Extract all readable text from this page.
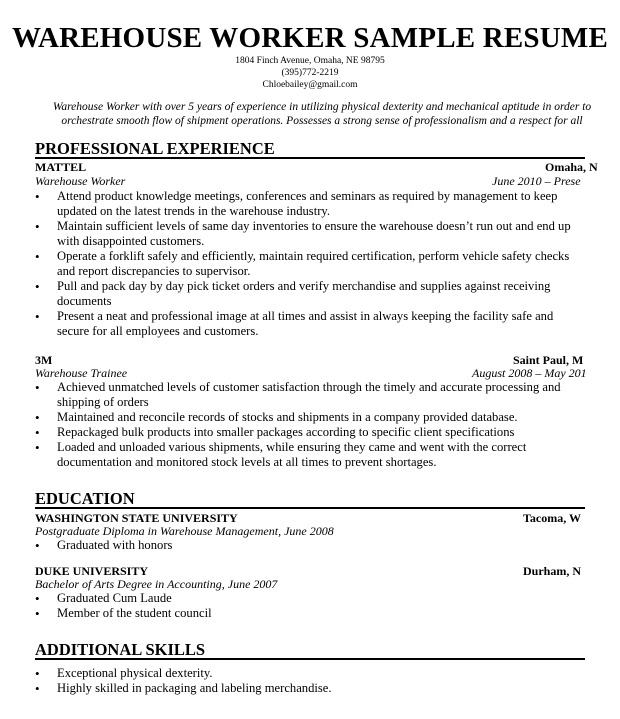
WAREHOUSE WORKER SAMPLE RESUME
1804 Finch Avenue, Omaha, NE 98795
(395)772-2219
Chloebailey@gmail.com
Warehouse Worker with over 5 years of experience in utilizing physical dexterity and mechanical aptitude in order to
orchestrate smooth flow of shipment operations. Possesses a strong sense of professionalism and a respect for all
PROFESSIONAL EXPERIENCE
MATTEL	Omaha, N
Warehouse Worker	June 2010 – Prese
• Attend product knowledge meetings, conferences and seminars as required by management to keep updated on the latest trends in the warehouse industry.
• Maintain sufficient levels of same day inventories to ensure the warehouse doesn’t run out and end up with disappointed customers.
• Operate a forklift safely and efficiently, maintain required certification, perform vehicle safety checks and report discrepancies to supervisor.
• Pull and pack day by day pick ticket orders and verify merchandise and supplies against receiving documents
• Present a neat and professional image at all times and assist in always keeping the facility safe and secure for all employees and customers.
3M	Saint Paul, M
Warehouse Trainee	August 2008 – May 201
• Achieved unmatched levels of customer satisfaction through the timely and accurate processing and shipping of orders
• Maintained and reconcile records of stocks and shipments in a company provided database.
• Repackaged bulk products into smaller packages according to specific client specifications
• Loaded and unloaded various shipments, while ensuring they came and went with the correct documentation and monitored stock levels at all times to prevent shortages.
EDUCATION
WASHINGTON STATE UNIVERSITY	Tacoma, W
Postgraduate Diploma in Warehouse Management, June 2008
• Graduated with honors
DUKE UNIVERSITY	Durham, N
Bachelor of Arts Degree in Accounting, June 2007
• Graduated Cum Laude
• Member of the student council
ADDITIONAL SKILLS
• Exceptional physical dexterity.
• Highly skilled in packaging and labeling merchandise.
